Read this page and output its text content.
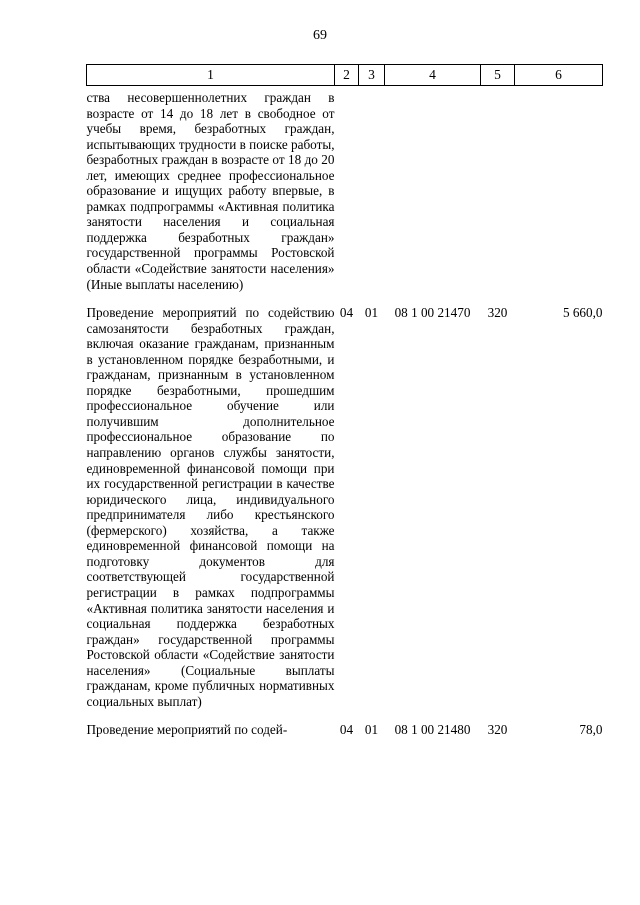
69
1	2	3	4	5	6
ства несовершеннолетних граждан в возрасте от 14 до 18 лет в свободное от учебы время, безработных граждан, испытывающих трудности в поиске работы, безработных граждан в возрасте от 18 до 20 лет, имеющих среднее профессиональное образование и ищущих работу впервые, в рамках подпрограммы «Активная политика занятости населения и социальная поддержка безработных граждан» государственной программы Ростовской области «Содействие занятости населения» (Иные выплаты населению)					

Проведение мероприятий по содействию самозанятости безработных граждан, включая оказание гражданам, признанным в установленном порядке безработными, и гражданам, признанным в установленном порядке безработными, прошедшим профессиональное обучение или получившим дополнительное профессиональное образование по направлению органов службы занятости, единовременной финансовой помощи при их государственной регистрации в качестве юридического лица, индивидуального предпринимателя либо крестьянского (фермерского) хозяйства, а также единовременной финансовой помощи на подготовку документов для соответствующей государственной регистрации в рамках подпрограммы «Активная политика занятости населения и социальная поддержка безработных граждан» государственной программы Ростовской области «Содействие занятости населения» (Социальные выплаты гражданам, кроме публичных нормативных социальных выплат)	04	01	08 1 00 21470	320	5 660,0

Проведение мероприятий по содей-	04	01	08 1 00 21480	320	78,0
